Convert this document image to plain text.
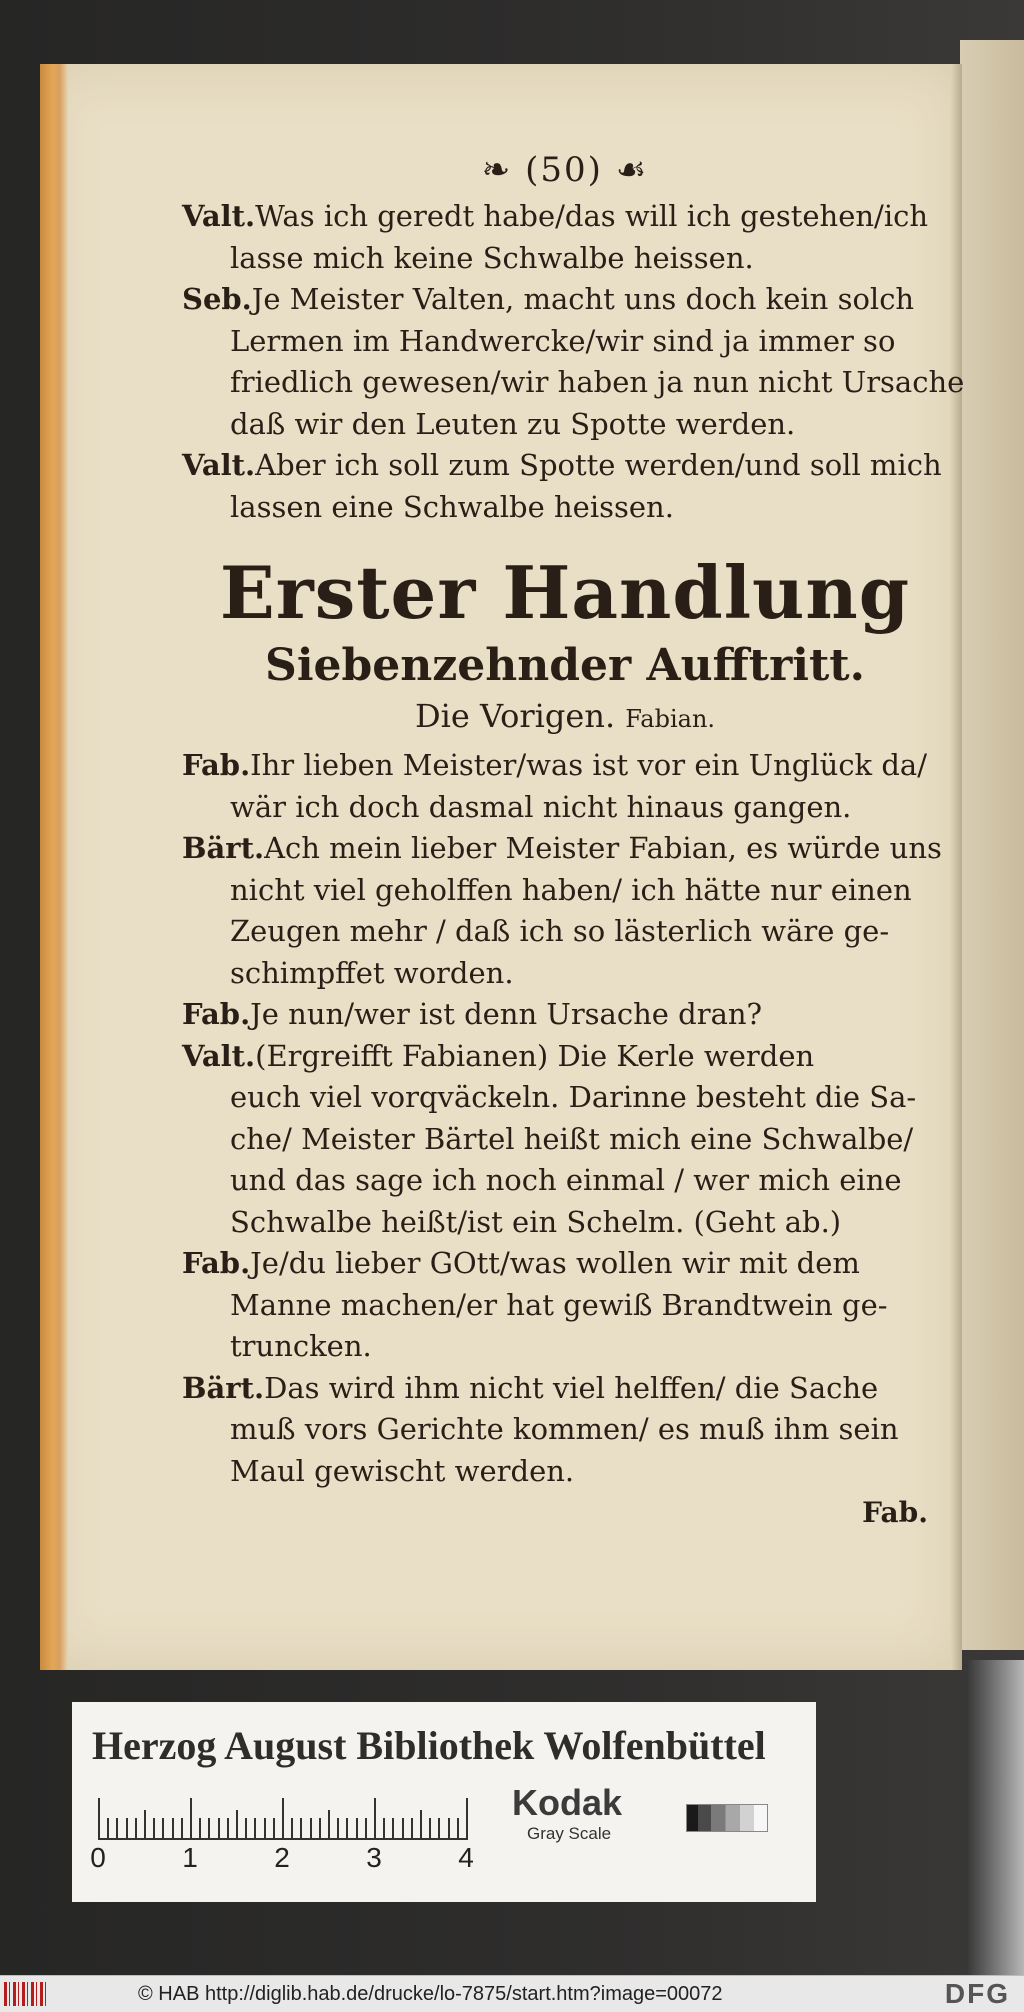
❧ (50) ☙
Valt.Was ich geredt habe/das will ich gestehen/ich
lasse mich keine Schwalbe heissen.
Seb.Je Meister Valten, macht uns doch kein solch
Lermen im Handwercke/wir sind ja immer so
friedlich gewesen/wir haben ja nun nicht Ursache
daß wir den Leuten zu Spotte werden.
Valt.Aber ich soll zum Spotte werden/und soll mich
lassen eine Schwalbe heissen.
Erster Handlung
Siebenzehnder Aufftritt.
Die Vorigen. Fabian.
Fab.Ihr lieben Meister/was ist vor ein Unglück da/
wär ich doch dasmal nicht hinaus gangen.
Bärt.Ach mein lieber Meister Fabian, es würde uns
nicht viel geholffen haben/ ich hätte nur einen
Zeugen mehr / daß ich so lästerlich wäre ge-
schimpffet worden.
Fab.Je nun/wer ist denn Ursache dran?
Valt.(Ergreifft Fabianen) Die Kerle werden
euch viel vorqväckeln. Darinne besteht die Sa-
che/ Meister Bärtel heißt mich eine Schwalbe/
und das sage ich noch einmal / wer mich eine
Schwalbe heißt/ist ein Schelm. (Geht ab.)
Fab.Je/du lieber GOtt/was wollen wir mit dem
Manne machen/er hat gewiß Brandtwein ge-
truncken.
Bärt.Das wird ihm nicht viel helffen/ die Sache
muß vors Gerichte kommen/ es muß ihm sein
Maul gewischt werden.
Fab.
Herzog August Bibliothek Wolfenbüttel
0	1	2	3	4
Kodak
Gray Scale
© HAB http://diglib.hab.de/drucke/lo-7875/start.htm?image=00072	DFG
